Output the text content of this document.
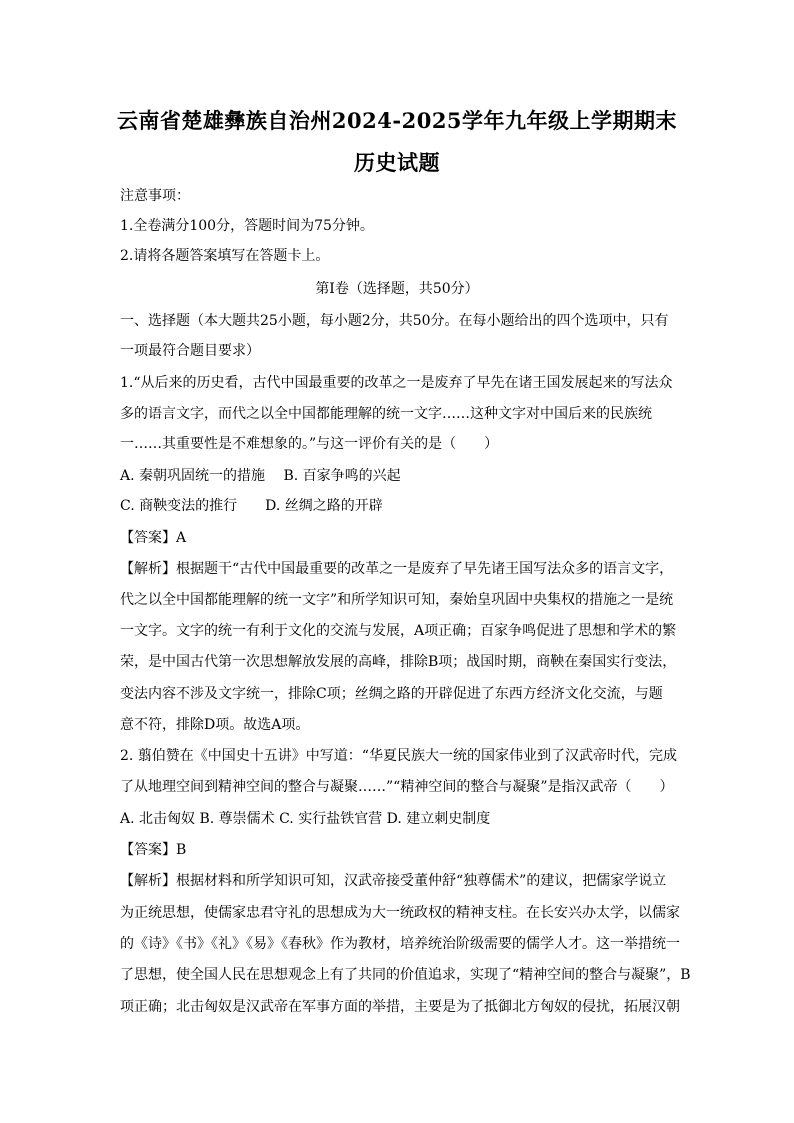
云南省楚雄彝族自治州2024-2025学年九年级上学期期末
历史试题
注意事项：
1.全卷满分100分，答题时间为75分钟。
2.请将各题答案填写在答题卡上。
第I卷（选择题，共50分）
一、选择题（本大题共25小题，每小题2分，共50分。在每小题给出的四个选项中，只有
一项最符合题目要求）
1.“从后来的历史看，古代中国最重要的改革之一是废弃了早先在诸王国发展起来的写法众
多的语言文字，而代之以全中国都能理解的统一文字……这种文字对中国后来的民族统
一……其重要性是不难想象的。”与这一评价有关的是（　　）
A. 秦朝巩固统一的措施　 B. 百家争鸣的兴起
C. 商鞅变法的推行　　D. 丝绸之路的开辟
【答案】A
【解析】根据题干“古代中国最重要的改革之一是废弃了早先诸王国写法众多的语言文字，
代之以全中国都能理解的统一文字”和所学知识可知，秦始皇巩固中央集权的措施之一是统
一文字。文字的统一有利于文化的交流与发展，A项正确；百家争鸣促进了思想和学术的繁
荣，是中国古代第一次思想解放发展的高峰，排除B项；战国时期，商鞅在秦国实行变法，
变法内容不涉及文字统一，排除C项；丝绸之路的开辟促进了东西方经济文化交流，与题
意不符，排除D项。故选A项。
2. 翦伯赞在《中国史十五讲》中写道：“华夏民族大一统的国家伟业到了汉武帝时代，完成
了从地理空间到精神空间的整合与凝聚……”“精神空间的整合与凝聚”是指汉武帝（　　）
A. 北击匈奴 B. 尊崇儒术 C. 实行盐铁官营 D. 建立刺史制度
【答案】B
【解析】根据材料和所学知识可知，汉武帝接受董仲舒“独尊儒术”的建议，把儒家学说立
为正统思想，使儒家忠君守礼的思想成为大一统政权的精神支柱。在长安兴办太学，以儒家
的《诗》《书》《礼》《易》《春秋》作为教材，培养统治阶级需要的儒学人才。这一举措统一
了思想，使全国人民在思想观念上有了共同的价值追求，实现了“精神空间的整合与凝聚”，B
项正确；北击匈奴是汉武帝在军事方面的举措，主要是为了抵御北方匈奴的侵扰，拓展汉朝
